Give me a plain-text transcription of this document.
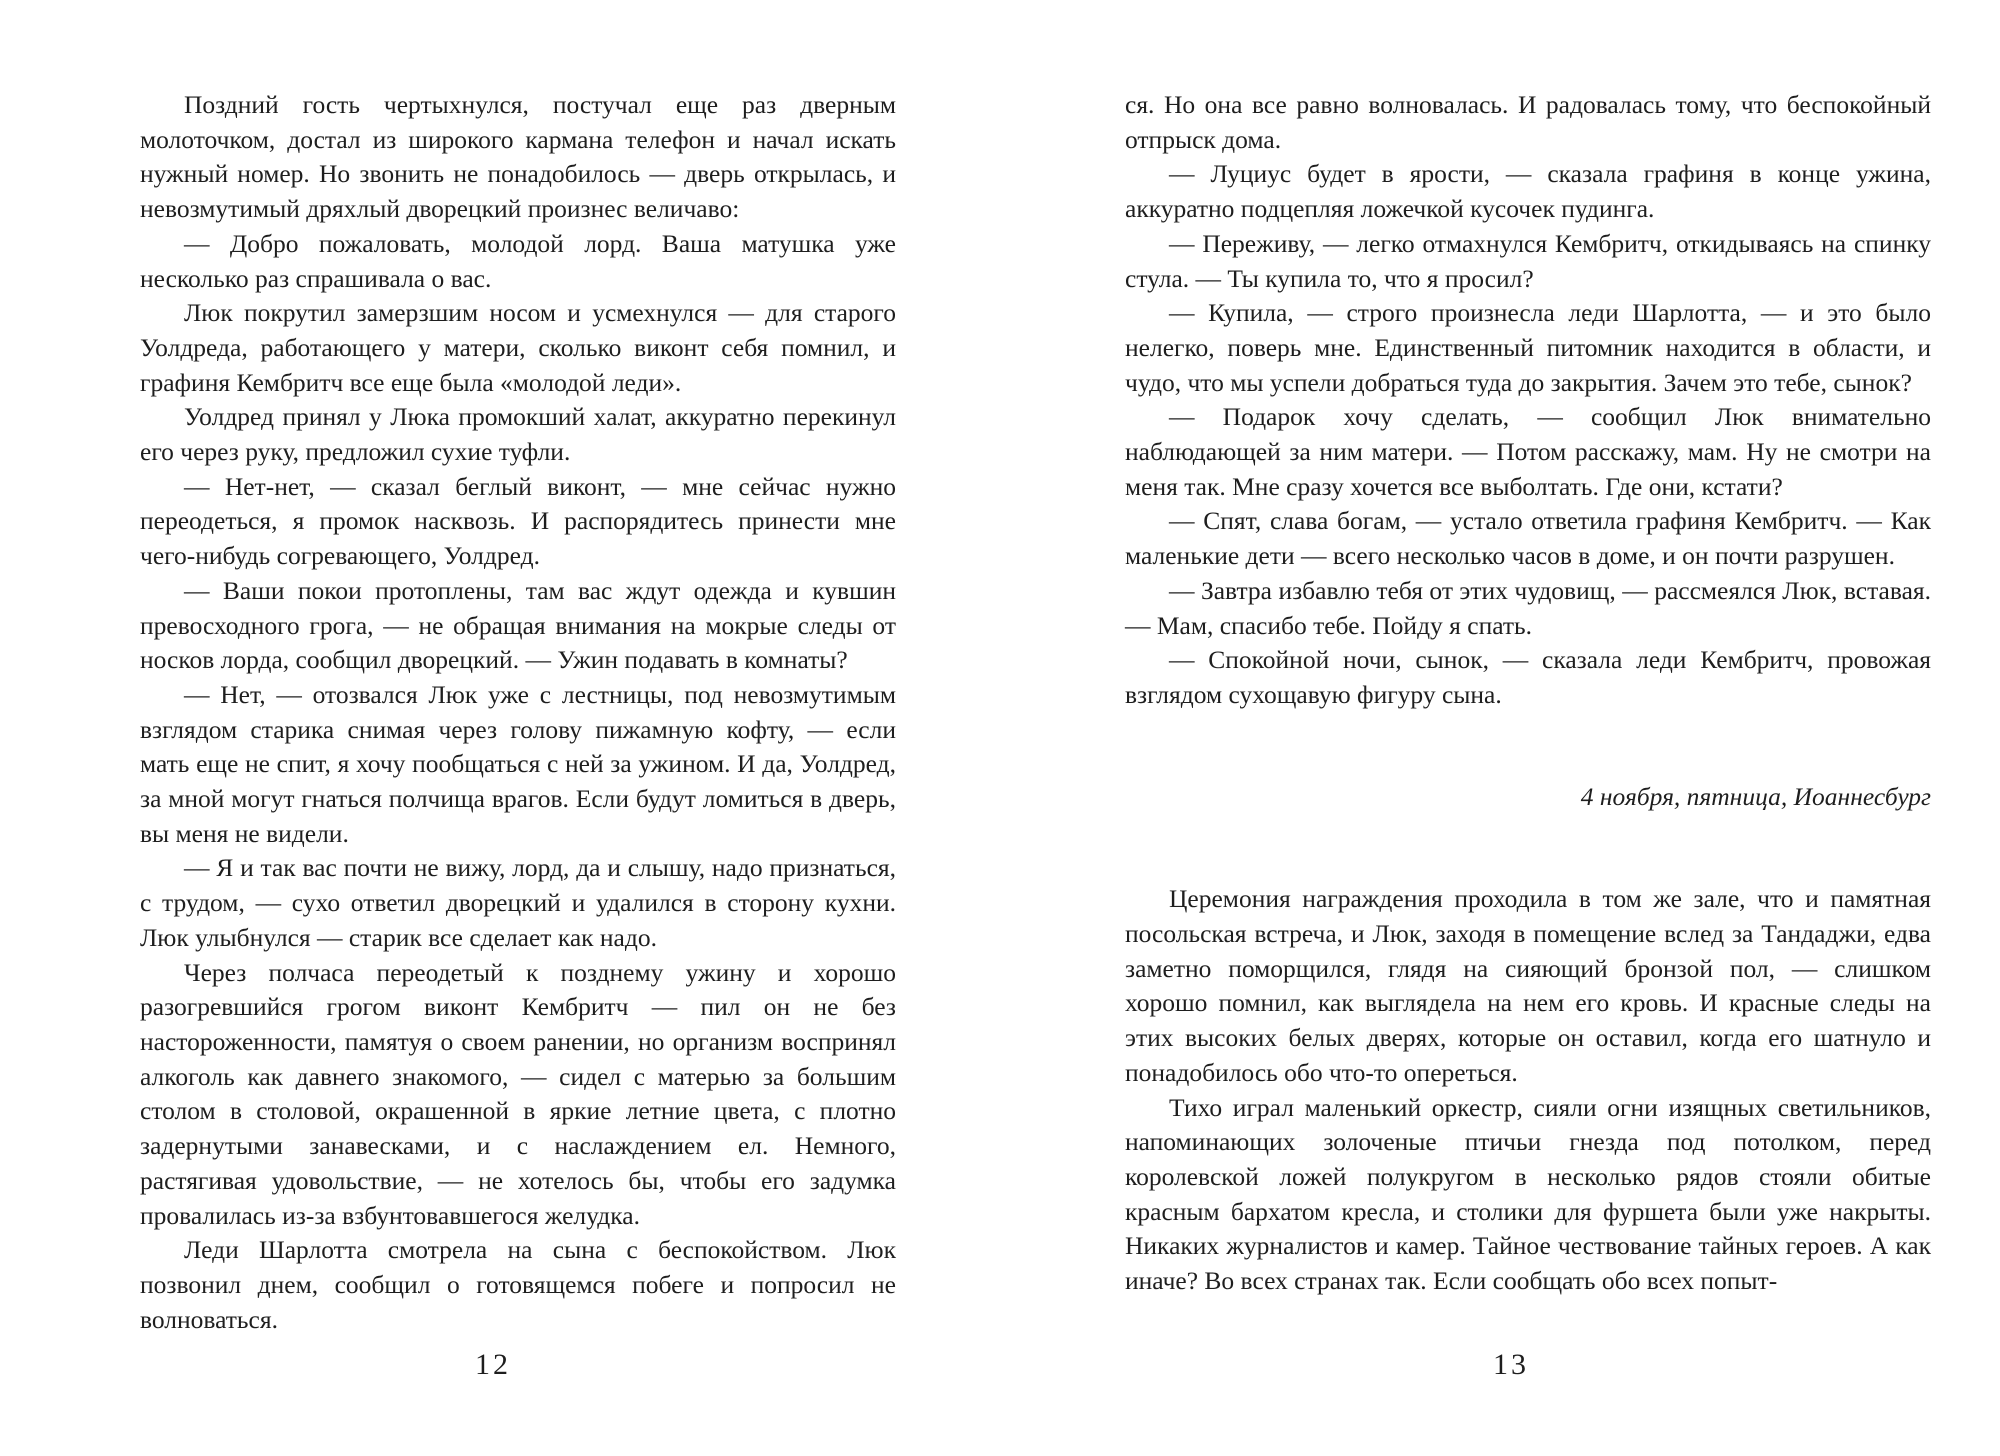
Поздний гость чертыхнулся, постучал еще раз дверным молоточком, достал из широкого кармана телефон и начал искать нужный номер. Но звонить не понадобилось — дверь открылась, и невозмутимый дряхлый дворецкий произнес величаво:

— Добро пожаловать, молодой лорд. Ваша матушка уже несколько раз спрашивала о вас.

Люк покрутил замерзшим носом и усмехнулся — для старого Уолдреда, работающего у матери, сколько виконт себя помнил, и графиня Кембритч все еще была «молодой леди».

Уолдред принял у Люка промокший халат, аккуратно перекинул его через руку, предложил сухие туфли.

— Нет-нет, — сказал беглый виконт, — мне сейчас нужно переодеться, я промок насквозь. И распорядитесь принести мне чего-нибудь согревающего, Уолдред.

— Ваши покои протоплены, там вас ждут одежда и кувшин превосходного грога, — не обращая внимания на мокрые следы от носков лорда, сообщил дворецкий. — Ужин подавать в комнаты?

— Нет, — отозвался Люк уже с лестницы, под невозмутимым взглядом старика снимая через голову пижамную кофту, — если мать еще не спит, я хочу пообщаться с ней за ужином. И да, Уолдред, за мной могут гнаться полчища врагов. Если будут ломиться в дверь, вы меня не видели.

— Я и так вас почти не вижу, лорд, да и слышу, надо признаться, с трудом, — сухо ответил дворецкий и удалился в сторону кухни. Люк улыбнулся — старик все сделает как надо.

Через полчаса переодетый к позднему ужину и хорошо разогревшийся грогом виконт Кембритч — пил он не без настороженности, памятуя о своем ранении, но организм воспринял алкоголь как давнего знакомого, — сидел с матерью за большим столом в столовой, окрашенной в яркие летние цвета, с плотно задернутыми занавесками, и с наслаждением ел. Немного, растягивая удовольствие, — не хотелось бы, чтобы его задумка провалилась из-за взбунтовавшегося желудка.

Леди Шарлотта смотрела на сына с беспокойством. Люк позвонил днем, сообщил о готовящемся побеге и попросил не волноваться.

12

ся. Но она все равно волновалась. И радовалась тому, что беспокойный отпрыск дома.

— Луциус будет в ярости, — сказала графиня в конце ужина, аккуратно подцепляя ложечкой кусочек пудинга.

— Переживу, — легко отмахнулся Кембритч, откидываясь на спинку стула. — Ты купила то, что я просил?

— Купила, — строго произнесла леди Шарлотта, — и это было нелегко, поверь мне. Единственный питомник находится в области, и чудо, что мы успели добраться туда до закрытия. Зачем это тебе, сынок?

— Подарок хочу сделать, — сообщил Люк внимательно наблюдающей за ним матери. — Потом расскажу, мам. Ну не смотри на меня так. Мне сразу хочется все выболтать. Где они, кстати?

— Спят, слава богам, — устало ответила графиня Кембритч. — Как маленькие дети — всего несколько часов в доме, и он почти разрушен.

— Завтра избавлю тебя от этих чудовищ, — рассмеялся Люк, вставая. — Мам, спасибо тебе. Пойду я спать.

— Спокойной ночи, сынок, — сказала леди Кембритч, провожая взглядом сухощавую фигуру сына.

4 ноября, пятница, Иоаннесбург

Церемония награждения проходила в том же зале, что и памятная посольская встреча, и Люк, заходя в помещение вслед за Тандаджи, едва заметно поморщился, глядя на сияющий бронзой пол, — слишком хорошо помнил, как выглядела на нем его кровь. И красные следы на этих высоких белых дверях, которые он оставил, когда его шатнуло и понадобилось обо что-то опереться.

Тихо играл маленький оркестр, сияли огни изящных светильников, напоминающих золоченые птичьи гнезда под потолком, перед королевской ложей полукругом в несколько рядов стояли обитые красным бархатом кресла, и столики для фуршета были уже накрыты. Никаких журналистов и камер. Тайное чествование тайных героев. А как иначе? Во всех странах так. Если сообщать обо всех попыт-

13
